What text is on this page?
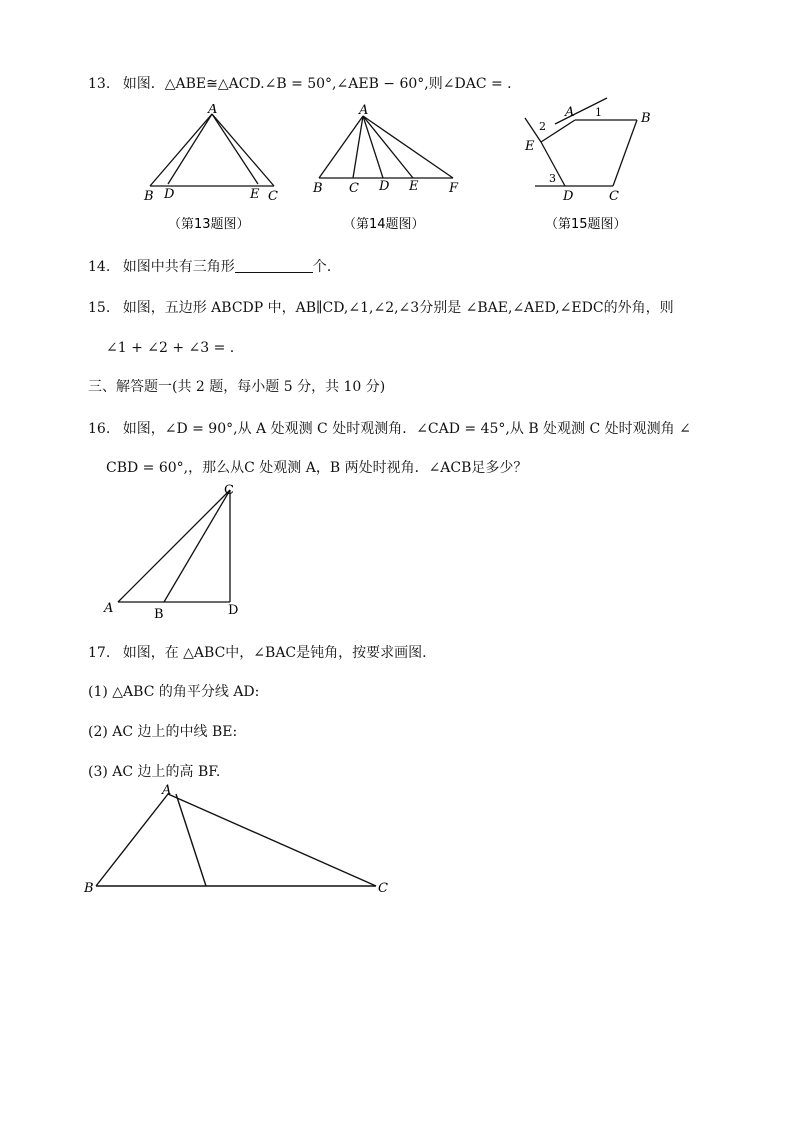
13. 如图．△ABE≅△ACD.∠B = 50°,∠AEB − 60°,则∠DAC = .
A
B D	E C
（第13题图）
A
B C D E F
（第14题图）
A	B
E
D	C
1
2
3
（第15题图）
14. 如图中共有三角形	个.
15. 如图，五边形 ABCDP 中，AB∥CD,∠1,∠2,∠3分别是 ∠BAE,∠AED,∠EDC的外角，则
∠1 + ∠2 + ∠3 = .
三、解答题一(共 2 题，每小题 5 分，共 10 分)
16. 如图，∠D = 90°,从 A 处观测 C 处时观测角．∠CAD = 45°,从 B 处观测 C 处时观测角 ∠
CBD = 60°,，那么从C 处观测 A，B 两处时视角．∠ACB足多少？
C
A	B	D
17. 如图，在 △ABC中，∠BAC是钝角，按要求画图.
(1) △ABC 的角平分线 AD:
(2) AC 边上的中线 BE:
(3) AC 边上的高 BF.
A
B	C
